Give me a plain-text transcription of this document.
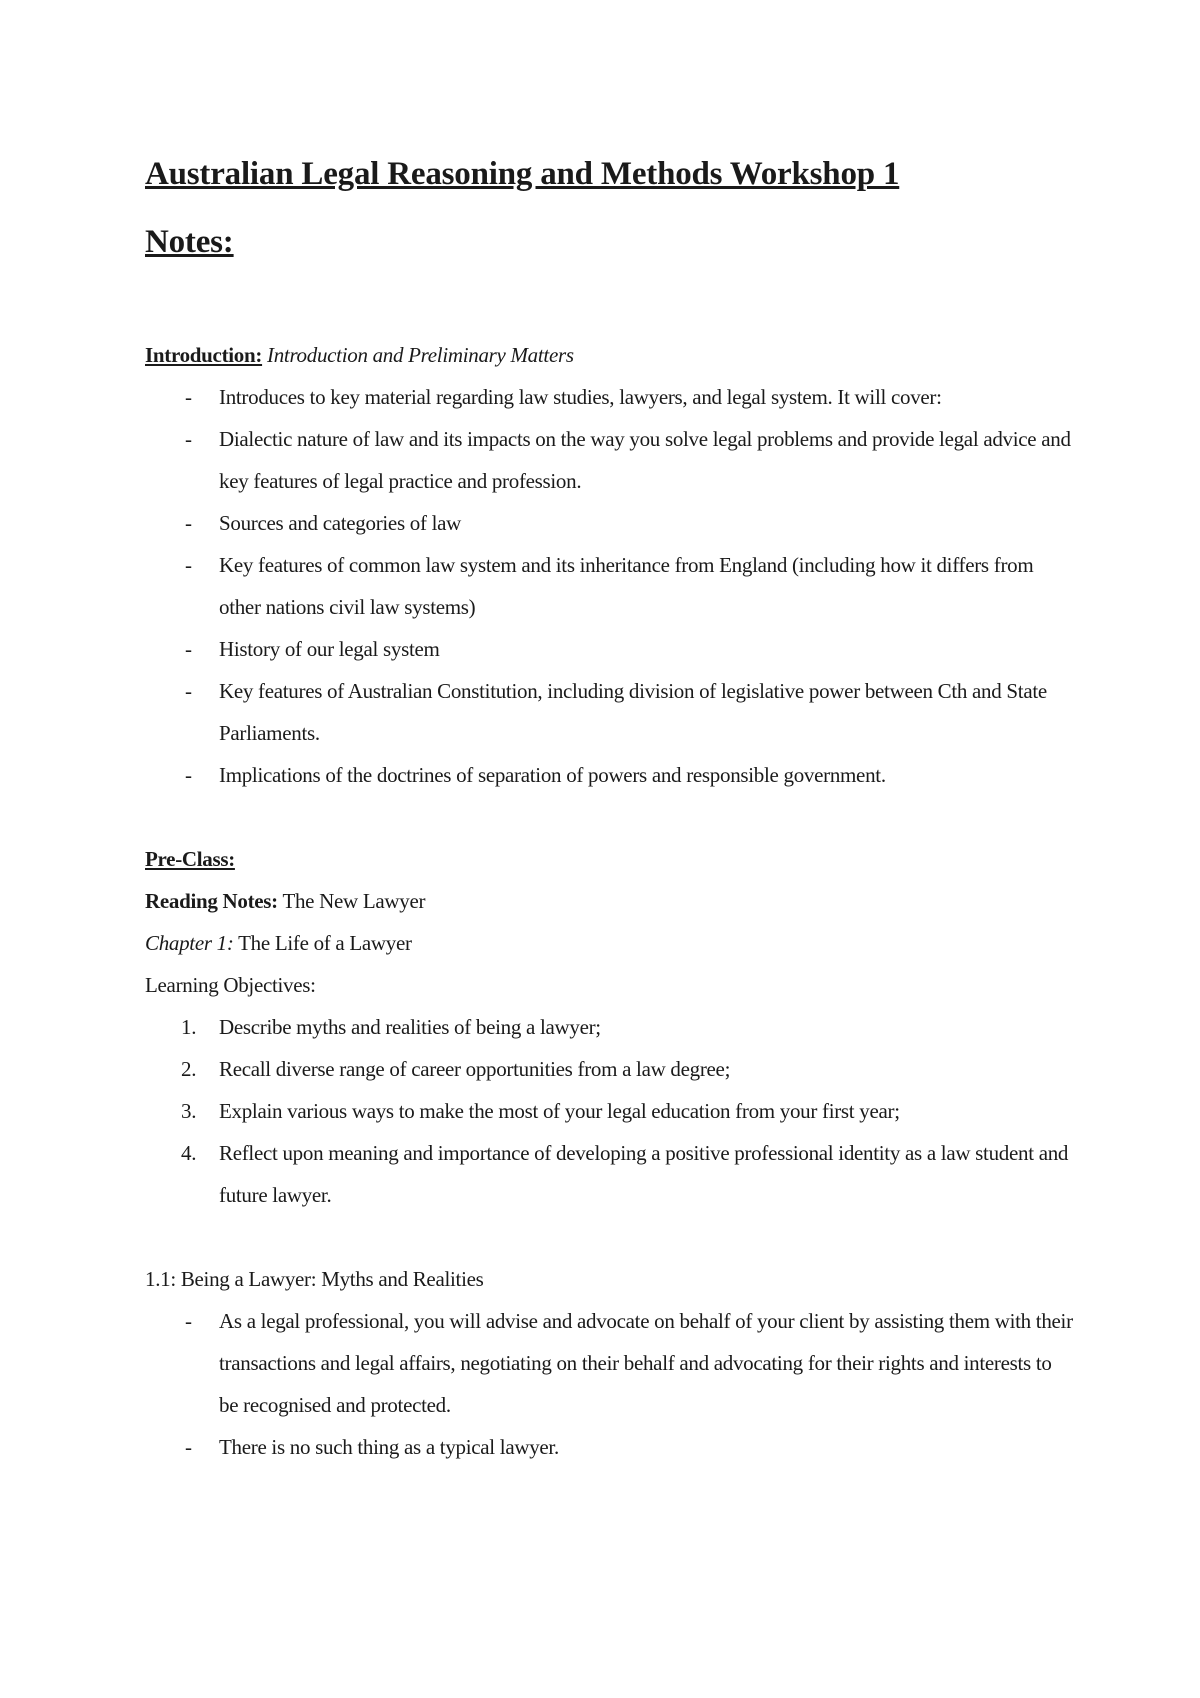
Australian Legal Reasoning and Methods Workshop 1
Notes:
Introduction: Introduction and Preliminary Matters
- Introduces to key material regarding law studies, lawyers, and legal system. It will cover:
- Dialectic nature of law and its impacts on the way you solve legal problems and provide legal advice and key features of legal practice and profession.
- Sources and categories of law
- Key features of common law system and its inheritance from England (including how it differs from other nations civil law systems)
- History of our legal system
- Key features of Australian Constitution, including division of legislative power between Cth and State Parliaments.
- Implications of the doctrines of separation of powers and responsible government.
Pre-Class:
Reading Notes: The New Lawyer
Chapter 1: The Life of a Lawyer
Learning Objectives:
1. Describe myths and realities of being a lawyer;
2. Recall diverse range of career opportunities from a law degree;
3. Explain various ways to make the most of your legal education from your first year;
4. Reflect upon meaning and importance of developing a positive professional identity as a law student and future lawyer.
1.1: Being a Lawyer: Myths and Realities
- As a legal professional, you will advise and advocate on behalf of your client by assisting them with their transactions and legal affairs, negotiating on their behalf and advocating for their rights and interests to be recognised and protected.
- There is no such thing as a typical lawyer.
